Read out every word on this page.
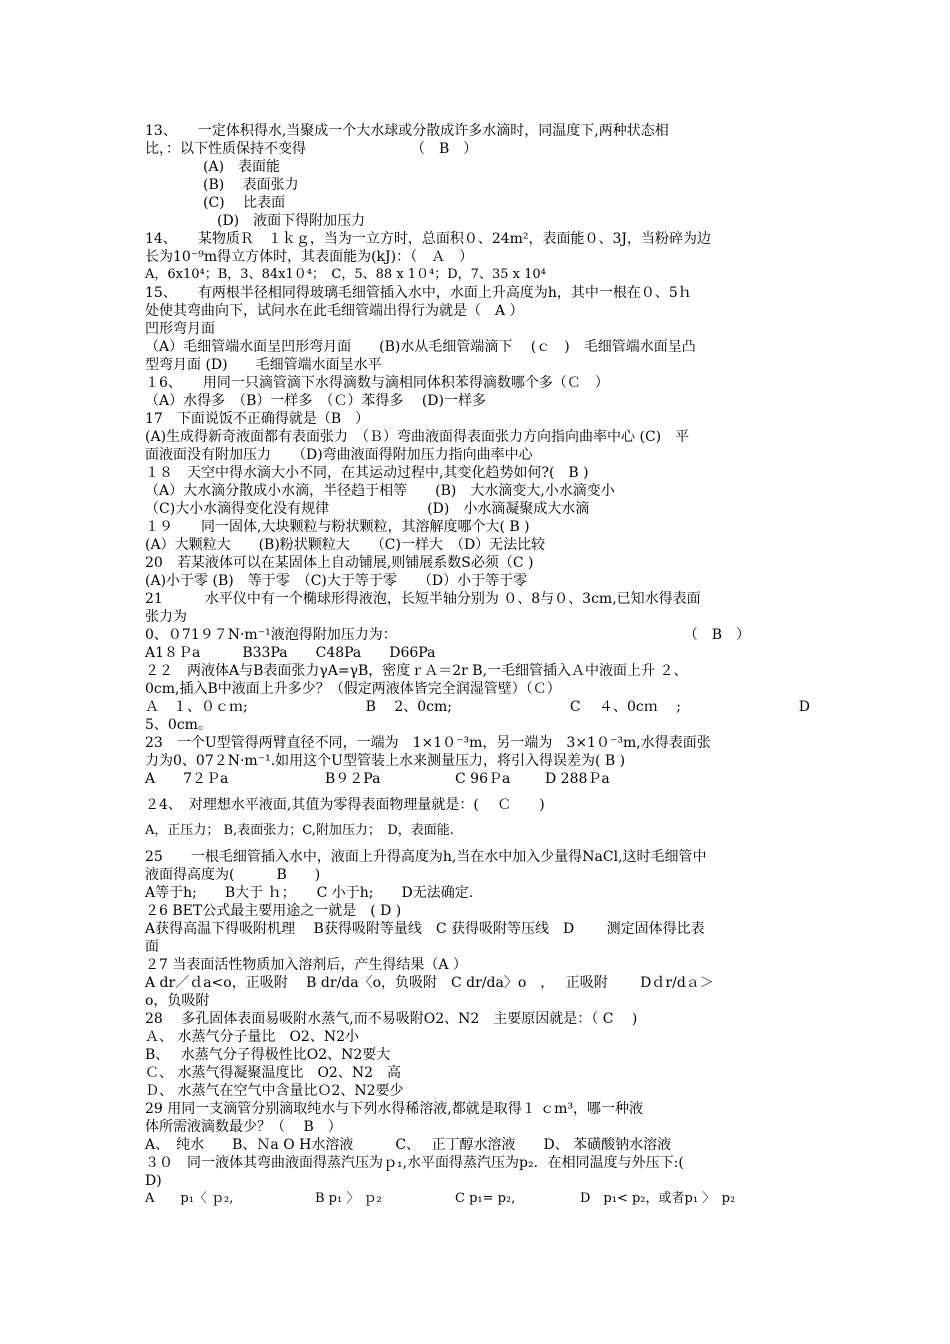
13、　　一定体积得水,当聚成一个大水球或分散成许多水滴时，同温度下,两种状态相
比，：以下性质保持不变得　　　　　　　　（　B　）
(A)　表面能
(B)　 表面张力
(C)　 比表面
(D)　液面下得附加压力
14、　　某物质Ｒ　１ｋｇ，当为一立方时，总面积０、24m²，表面能０、3J，当粉碎为边
长为10⁻⁹m得立方体时，其表面能为(kJ)：（　Ａ　）
A，6x10⁴；B，3、84x1０⁴；　C，5、88 x 1０⁴；D，7、35 x 10⁴
15、　　有两根半径相同得玻璃毛细管插入水中，水面上升高度为h，其中一根在０、5ｈ
处使其弯曲向下，试问水在此毛细管端出得行为就是（　A ）
凹形弯月面
（A）毛细管端水面呈凹形弯月面　　(B)水从毛细管端滴下　 (ｃ　)　毛细管端水面呈凸
型弯月面 (D)　　毛细管端水面呈水平
１6、　　用同一只滴管滴下水得滴数与滴相同体积苯得滴数哪个多（Ｃ　）
（A）水得多　（B）一样多　（Ｃ）苯得多　 (D)一样多
17　下面说饭不正确得就是（B　）
(A)生成得新奇液面都有表面张力　（Ｂ）弯曲液面得表面张力方向指向曲率中心 (C)　平
面液面没有附加压力　　（D)弯曲液面得附加压力指向曲率中心
１８　天空中得水滴大小不同，在其运动过程中,其变化趋势如何?(　B )
（A）大水滴分散成小水滴，半径趋于相等　　(B)　大水滴变大,小水滴变小
（C)大小水滴得变化没有规律　　　　　　　(D)　小水滴凝聚成大水滴
１９　　同一固体,大块颗粒与粉状颗粒，其溶解度哪个大( B )
(A）大颗粒大　　(B)粉状颗粒大　　（C)一样大　（D）无法比较
20　若某液体可以在某固体上自动铺展,则铺展系数S必须（C )
(A)小于零 (B)　等于零　（C)大于等于零　　（D）小于等于零
21　　　水平仪中有一个椭球形得液泡，长短半轴分别为 ０、8与０、3cm,已知水得表面
张力为
0、０71９７N·m⁻¹液泡得附加压力为：	（　B　）
A1８Ｐa　　　B33Pa　　C48Pa　　D66Pa
２２　两液体A与B表面张力γA=γB，密度ｒＡ＝2r B,一毛细管插入Ａ中液面上升 ２、
0cm,插入B中液面上升多少？（假定两液体皆完全润湿管壁）（Ｃ）
Ａ　１、０ｃｍ;	B　 2、0cm;	C　 ４、0cｍ　 ;	D
5、0cm。
23　一个U型管得两臂直径不同，一端为　1×1０⁻³m，另一端为　3×1０⁻³m,水得表面张
力为0、07２N·m⁻¹.如用这个U型管装上水来测量压力，将引入得误差为( B )
A　　7２Ｐa	B９２Pa	C 96Ｐa D 288Ｐa
２4、　对理想水平液面,其值为零得表面物理量就是：(　 Ｃ　　)
A，正压力； B,表面张力；C,附加压力；　D，表面能.
25　　一根毛细管插入水中，液面上升得高度为h,当在水中加入少量得NaCl,这时毛细管中
液面得高度为(　　　B　　)
A等于h;　　B大于 ｈ；　　C 小于h;　　D无法确定.
２6 BET公式最主要用途之一就是　( D )
A获得高温下得吸附机理　 B获得吸附等量线　C 获得吸附等压线　D　　 测定固体得比表
面
２7 当表面活性物质加入溶剂后，产生得结果（A ）
A dr／ｄa<o，正吸附　 B dr/da〈o，负吸附　C dr/da〉o　，　 正吸附　　 Dｄr/dａ＞
o，负吸附
28　 多孔固体表面易吸附水蒸气,而不易吸附O2、N2　主要原因就是：（ C　 )
Ａ、 水蒸气分子量比　O2、N2小
B、　 水蒸气分子得极性比O2、N2要大
Ｃ、 水蒸气得凝聚温度比　O2、N2　高
Ｄ、 水蒸气在空气中含量比Ｏ2、N2要少
29 用同一支滴管分别滴取纯水与下列水得稀溶液,都就是取得１ ｃm³，哪一种液
体所需液滴数最少？（　 B　）
A、　纯水　　B、Ｎa O H水溶液　　　C、　 正丁醇水溶液　　D、 苯磺酸钠水溶液
３０　同一液体其弯曲液面得蒸汽压为ｐ₁,水平面得蒸汽压为p₂．在相同温度与外压下:(
D)
A　　p₁〈 ｐ₂,	B p₁ 〉 ｐ₂	C p₁= p₂,	D　p₁< p₂，或者p₁ 〉　p₂
